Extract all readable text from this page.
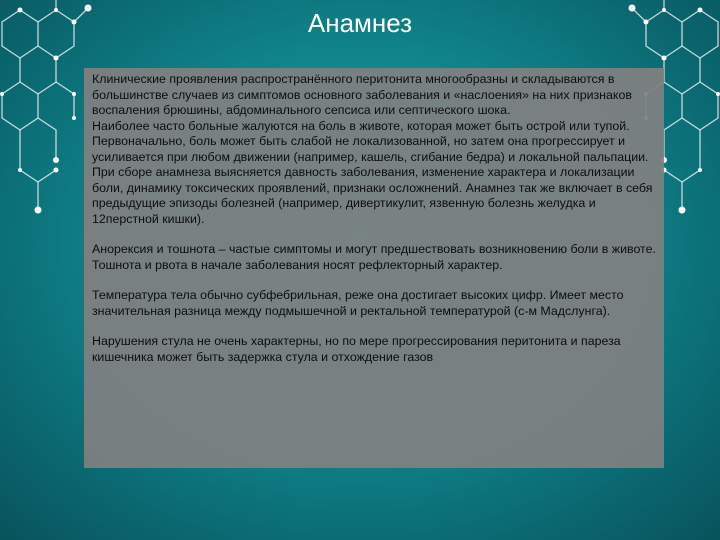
Анамнез

Клинические проявления распространённого перитонита многообразны и складываются в большинстве случаев из симптомов основного заболевания и «наслоения» на них признаков воспаления брюшины, абдоминального сепсиса или септического шока.

Наиболее часто больные жалуются на боль в животе, которая может быть острой или тупой. Первоначально, боль может быть слабой не локализованной, но затем она прогрессирует и усиливается при любом движении (например, кашель, сгибание бедра) и локальной пальпации.

При сборе анамнеза выясняется давность заболевания, изменение характера и локализации боли, динамику токсических проявлений, признаки осложнений. Анамнез так же включает в себя предыдущие эпизоды болезней (например, дивертикулит, язвенную болезнь желудка и 12перстной кишки).

Анорексия и тошнота – частые симптомы и могут предшествовать возникновению боли в животе. Тошнота и рвота в начале заболевания носят рефлекторный характер.

Температура тела обычно субфебрильная, реже она достигает высоких цифр. Имеет место значительная разница между подмышечной и ректальной температурой (с-м Мадслунга).

Нарушения стула не очень характерны, но по мере прогрессирования перитонита и пареза кишечника может быть задержка стула и отхождение газов
